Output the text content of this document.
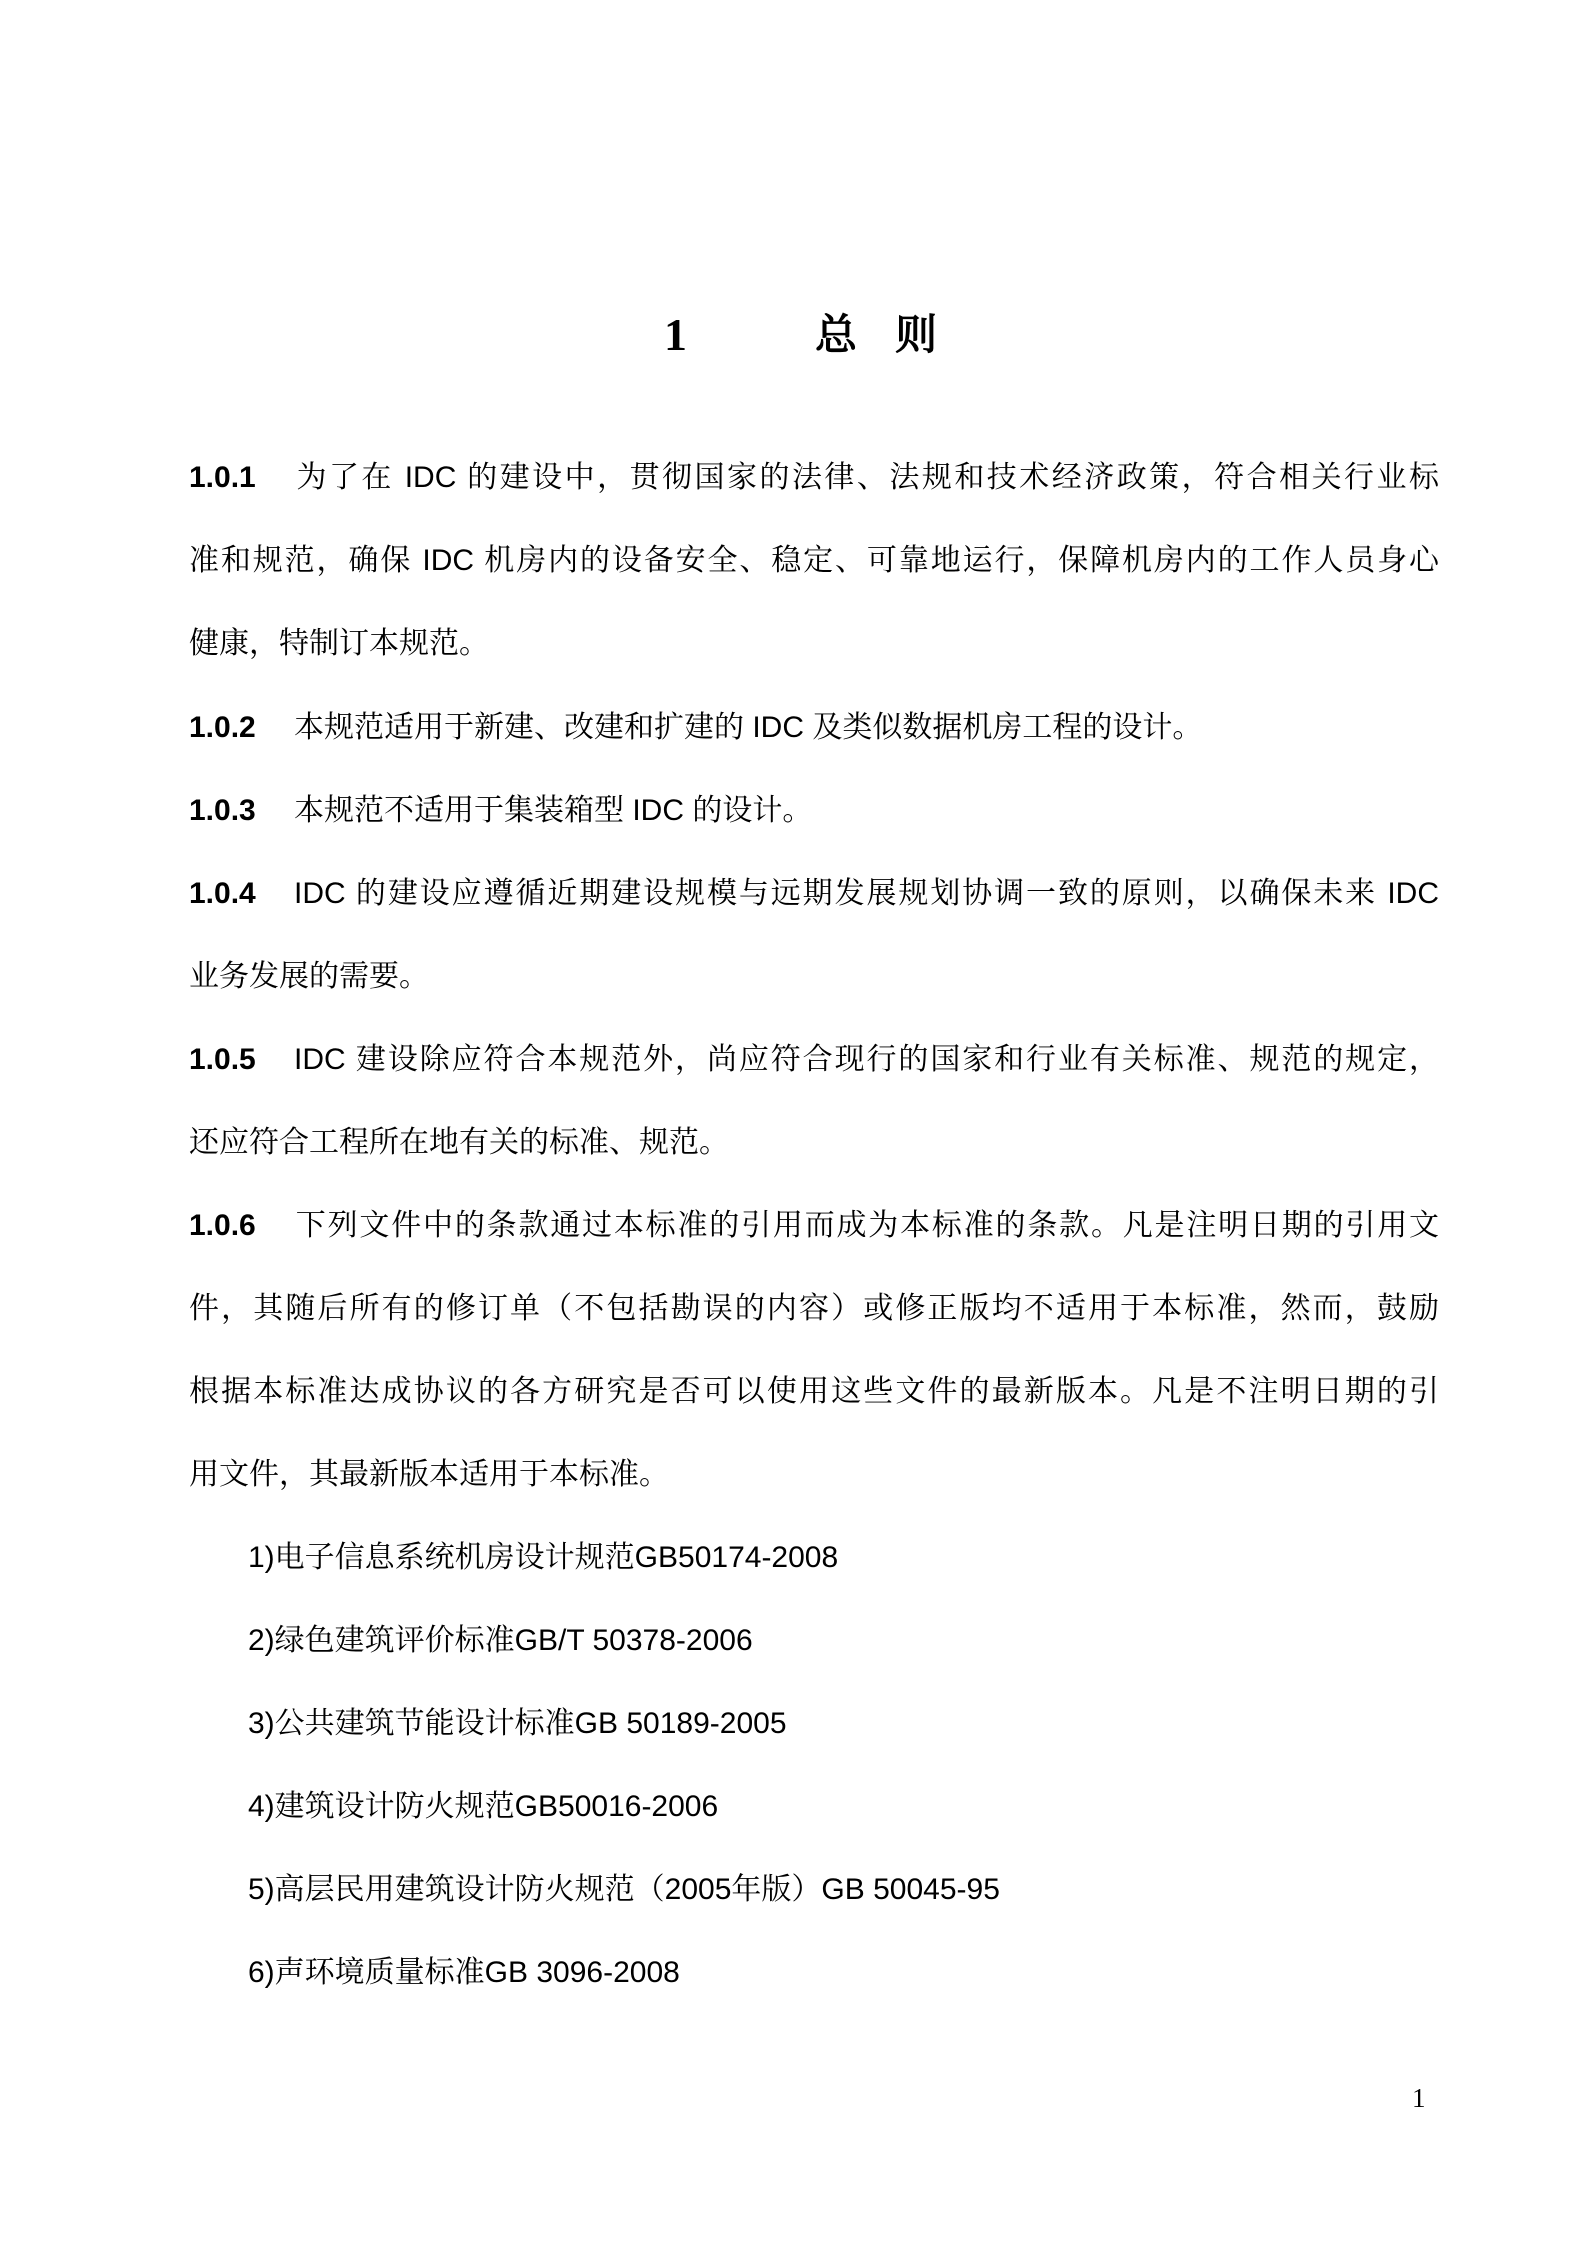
1	总则
1.0.1 为了在 IDC 的建设中，贯彻国家的法律、法规和技术经济政策，符合相关行业标
准和规范，确保 IDC 机房内的设备安全、稳定、可靠地运行，保障机房内的工作人员身心
健康，特制订本规范。
1.0.2 本规范适用于新建、改建和扩建的 IDC 及类似数据机房工程的设计。
1.0.3 本规范不适用于集装箱型 IDC 的设计。
1.0.4 IDC 的建设应遵循近期建设规模与远期发展规划协调一致的原则，以确保未来 IDC
业务发展的需要。
1.0.5 IDC 建设除应符合本规范外，尚应符合现行的国家和行业有关标准、规范的规定，
还应符合工程所在地有关的标准、规范。
1.0.6 下列文件中的条款通过本标准的引用而成为本标准的条款。凡是注明日期的引用文
件，其随后所有的修订单（不包括勘误的内容）或修正版均不适用于本标准，然而，鼓励
根据本标准达成协议的各方研究是否可以使用这些文件的最新版本。凡是不注明日期的引
用文件，其最新版本适用于本标准。
1)电子信息系统机房设计规范GB50174-2008
2)绿色建筑评价标准GB/T 50378-2006
3)公共建筑节能设计标准GB 50189-2005
4)建筑设计防火规范GB50016-2006
5)高层民用建筑设计防火规范（2005年版）GB 50045-95
6)声环境质量标准GB 3096-2008
1
